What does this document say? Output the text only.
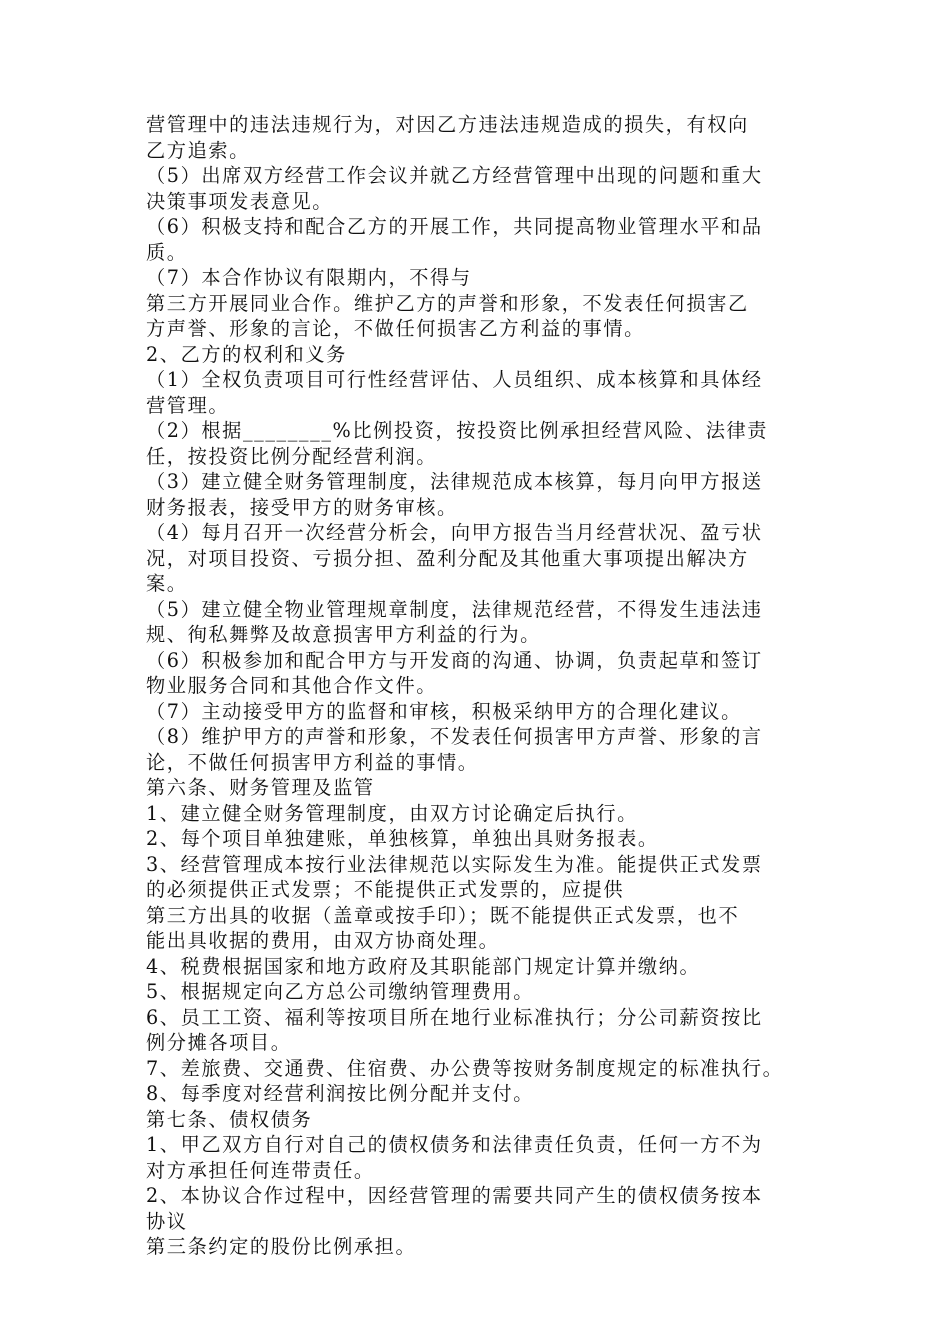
营管理中的违法违规行为，对因乙方违法违规造成的损失，有权向

乙方追索。

（5）出席双方经营工作会议并就乙方经营管理中出现的问题和重大

决策事项发表意见。

（6）积极支持和配合乙方的开展工作，共同提高物业管理水平和品

质。

（7）本合作协议有限期内，不得与

第三方开展同业合作。维护乙方的声誉和形象，不发表任何损害乙

方声誉、形象的言论，不做任何损害乙方利益的事情。

2、乙方的权利和义务

（1）全权负责项目可行性经营评估、人员组织、成本核算和具体经

营管理。

（2）根据________%比例投资，按投资比例承担经营风险、法律责

任，按投资比例分配经营利润。

（3）建立健全财务管理制度，法律规范成本核算，每月向甲方报送

财务报表，接受甲方的财务审核。

（4）每月召开一次经营分析会，向甲方报告当月经营状况、盈亏状

况，对项目投资、亏损分担、盈利分配及其他重大事项提出解决方

案。

（5）建立健全物业管理规章制度，法律规范经营，不得发生违法违

规、徇私舞弊及故意损害甲方利益的行为。

（6）积极参加和配合甲方与开发商的沟通、协调，负责起草和签订

物业服务合同和其他合作文件。

（7）主动接受甲方的监督和审核，积极采纳甲方的合理化建议。

（8）维护甲方的声誉和形象，不发表任何损害甲方声誉、形象的言

论，不做任何损害甲方利益的事情。

第六条、财务管理及监管

1、建立健全财务管理制度，由双方讨论确定后执行。

2、每个项目单独建账，单独核算，单独出具财务报表。

3、经营管理成本按行业法律规范以实际发生为准。能提供正式发票

的必须提供正式发票；不能提供正式发票的，应提供

第三方出具的收据（盖章或按手印）；既不能提供正式发票，也不

能出具收据的费用，由双方协商处理。

4、税费根据国家和地方政府及其职能部门规定计算并缴纳。

5、根据规定向乙方总公司缴纳管理费用。

6、员工工资、福利等按项目所在地行业标准执行；分公司薪资按比

例分摊各项目。

7、差旅费、交通费、住宿费、办公费等按财务制度规定的标准执行。

8、每季度对经营利润按比例分配并支付。

第七条、债权债务

1、甲乙双方自行对自己的债权债务和法律责任负责，任何一方不为

对方承担任何连带责任。

2、本协议合作过程中，因经营管理的需要共同产生的债权债务按本

协议

第三条约定的股份比例承担。
